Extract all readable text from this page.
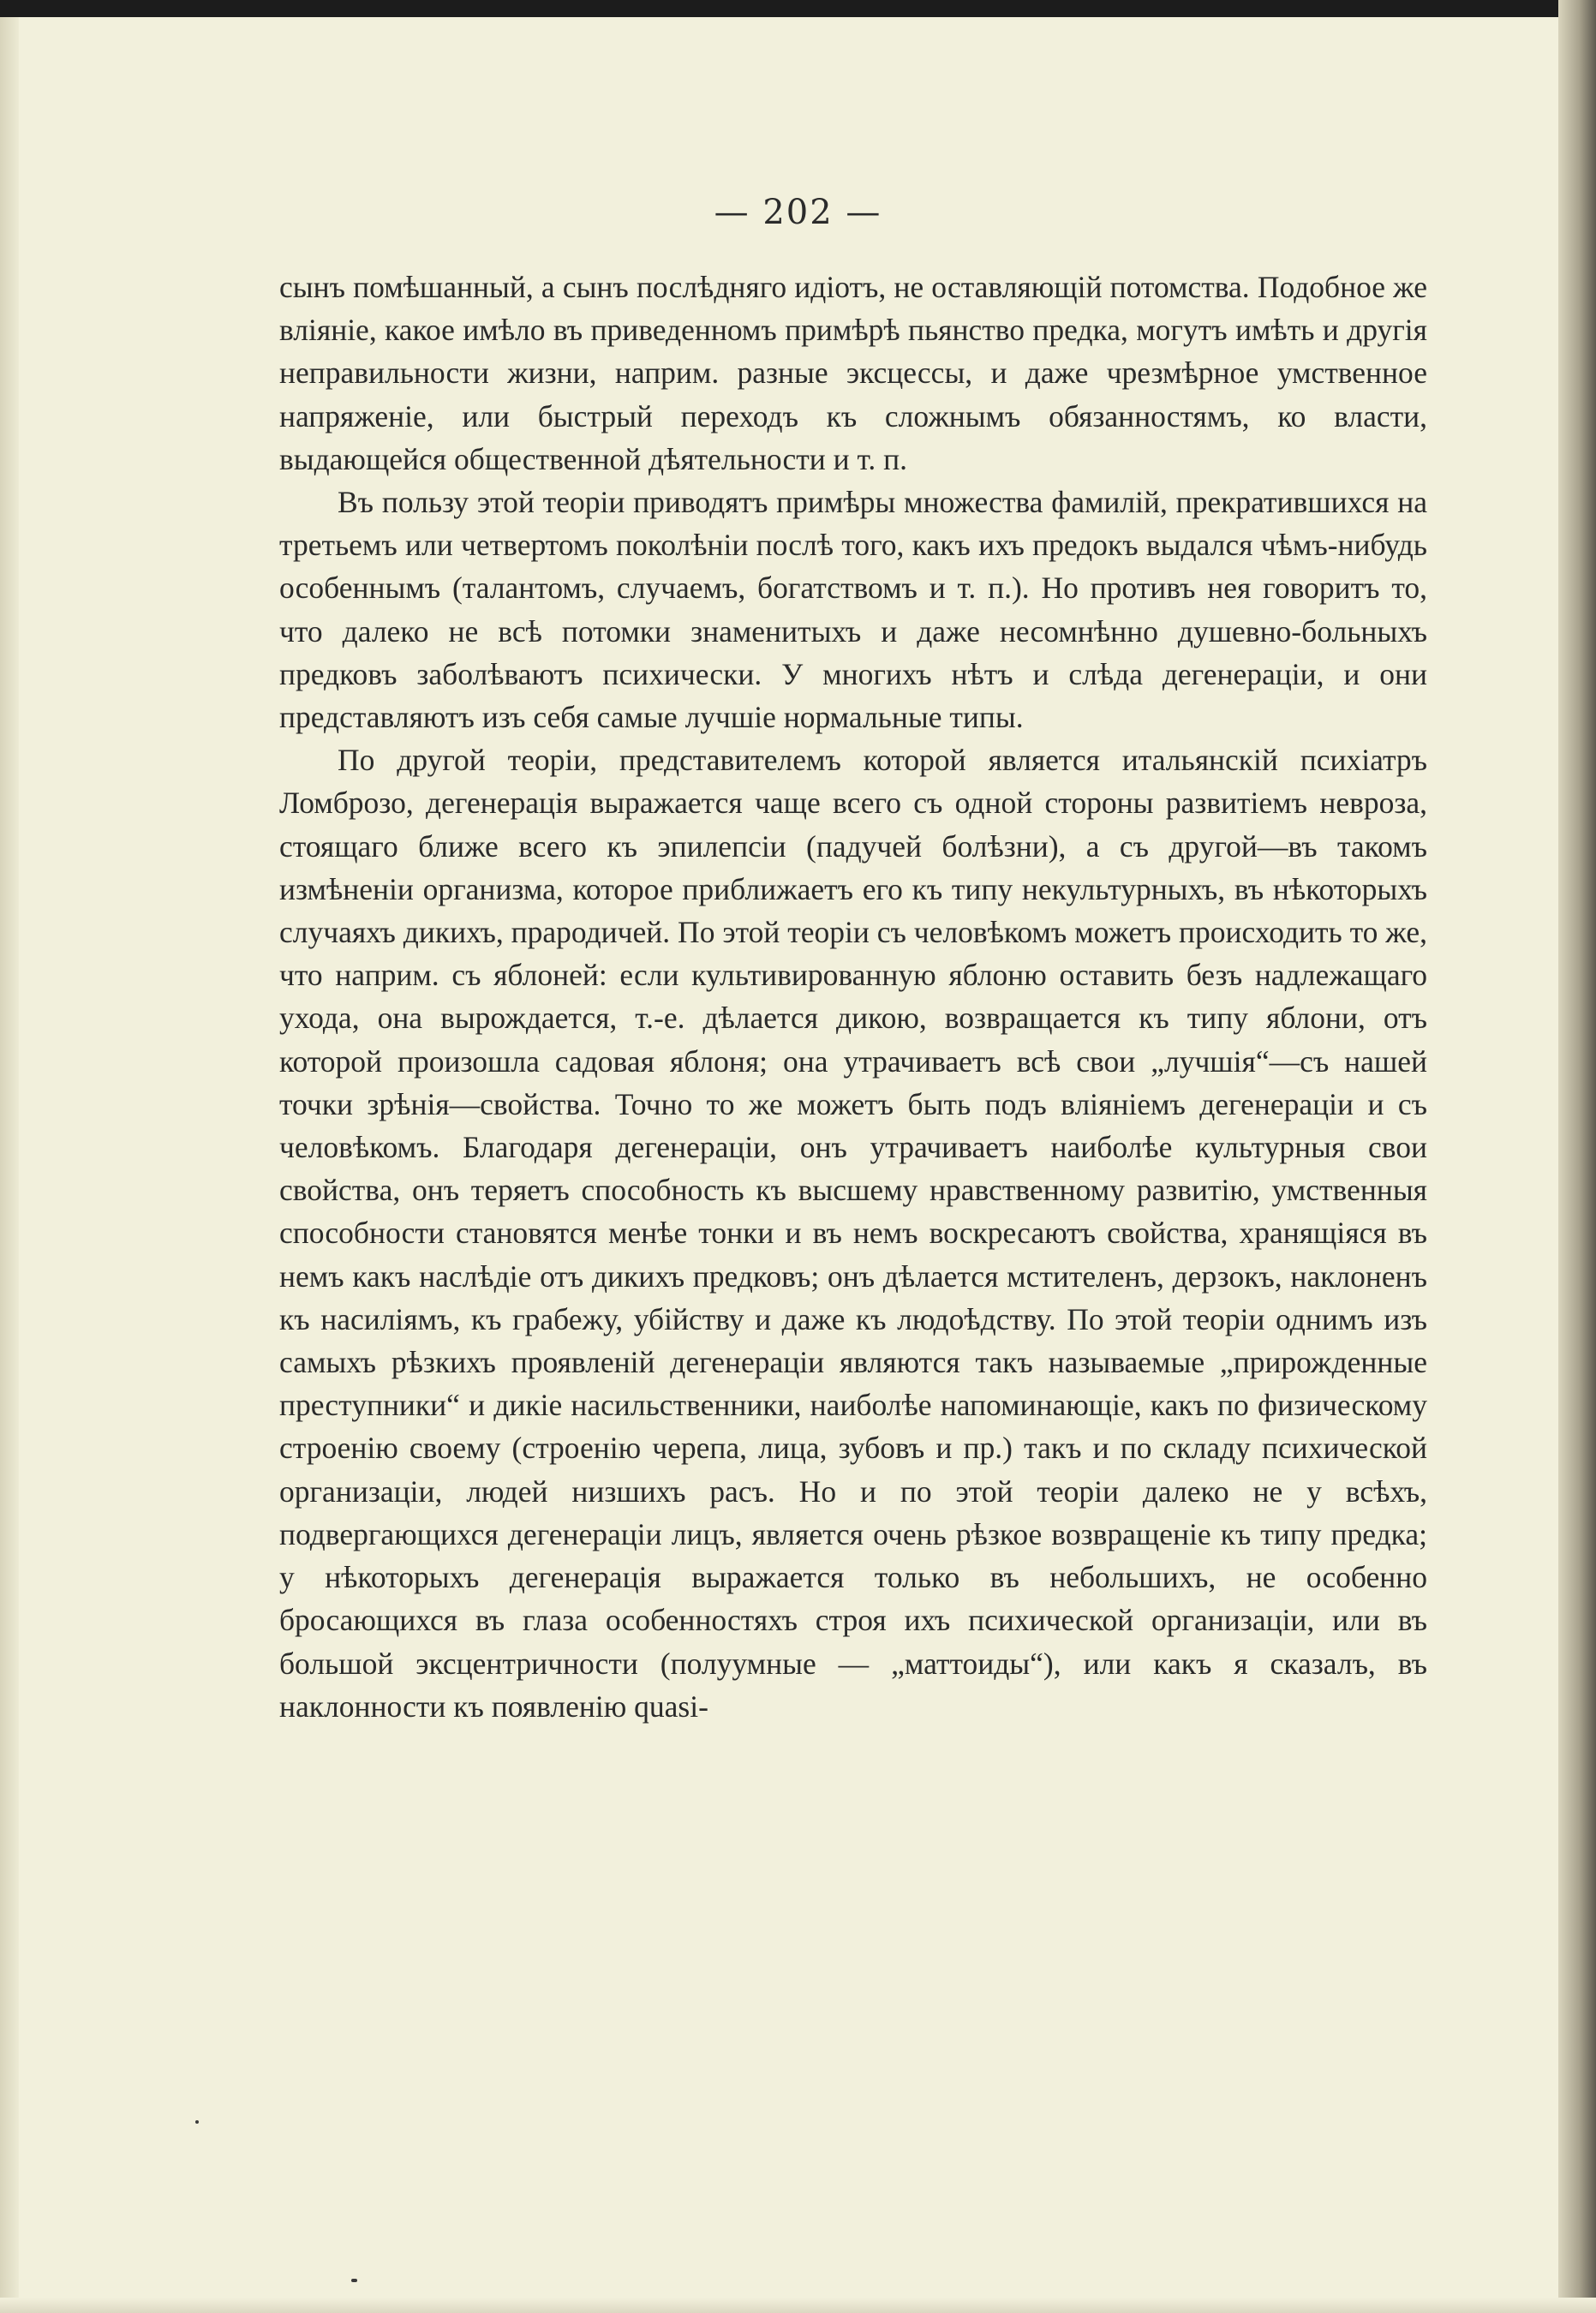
— 202 —

сынъ помѣшанный, а сынъ послѣдняго идіотъ, не оставляющій потомства. Подобное же вліяніе, какое имѣло въ приведенномъ примѣрѣ пьянство предка, могутъ имѣть и другія неправильности жизни, наприм. разные эксцессы, и даже чрезмѣрное умственное напряженіе, или быстрый переходъ къ сложнымъ обязанностямъ, ко власти, выдающейся общественной дѣятельности и т. п.

Въ пользу этой теоріи приводятъ примѣры множества фамилій, прекратившихся на третьемъ или четвертомъ поколѣніи послѣ того, какъ ихъ предокъ выдался чѣмъ-нибудь особеннымъ (талантомъ, случаемъ, богатствомъ и т. п.). Но противъ нея говоритъ то, что далеко не всѣ потомки знаменитыхъ и даже несомнѣнно душевно-больныхъ предковъ заболѣваютъ психически. У многихъ нѣтъ и слѣда дегенераціи, и они представляютъ изъ себя самые лучшіе нормальные типы.

По другой теоріи, представителемъ которой является итальянскій психіатръ Ломброзо, дегенерація выражается чаще всего съ одной стороны развитіемъ невроза, стоящаго ближе всего къ эпилепсіи (падучей болѣзни), а съ другой—въ такомъ измѣненіи организма, которое приближаетъ его къ типу некультурныхъ, въ нѣкоторыхъ случаяхъ дикихъ, прародичей. По этой теоріи съ человѣкомъ можетъ происходить то же, что наприм. съ яблоней: если культивированную яблоню оставить безъ надлежащаго ухода, она вырождается, т.-е. дѣлается дикою, возвращается къ типу яблони, отъ которой произошла садовая яблоня; она утрачиваетъ всѣ свои „лучшія“—съ нашей точки зрѣнія—свойства. Точно то же можетъ быть подъ вліяніемъ дегенераціи и съ человѣкомъ. Благодаря дегенераціи, онъ утрачиваетъ наиболѣе культурныя свои свойства, онъ теряетъ способность къ высшему нравственному развитію, умственныя способности становятся менѣе тонки и въ немъ воскресаютъ свойства, хранящіяся въ немъ какъ наслѣдіе отъ дикихъ предковъ; онъ дѣлается мстителенъ, дерзокъ, наклоненъ къ насиліямъ, къ грабежу, убійству и даже къ людоѣдству. По этой теоріи однимъ изъ самыхъ рѣзкихъ проявленій дегенераціи являются такъ называемые „прирожденные преступники“ и дикіе насильственники, наиболѣе напоминающіе, какъ по физическому строенію своему (строенію черепа, лица, зубовъ и пр.) такъ и по складу психической организаціи, людей низшихъ расъ. Но и по этой теоріи далеко не у всѣхъ, подвергающихся дегенераціи лицъ, является очень рѣзкое возвращеніе къ типу предка; у нѣкоторыхъ дегенерація выражается только въ небольшихъ, не особенно бросающихся въ глаза особенностяхъ строя ихъ психической организаціи, или въ большой эксцентричности (полуумные — „маттоиды“), или какъ я сказалъ, въ наклонности къ появленію quasi-
